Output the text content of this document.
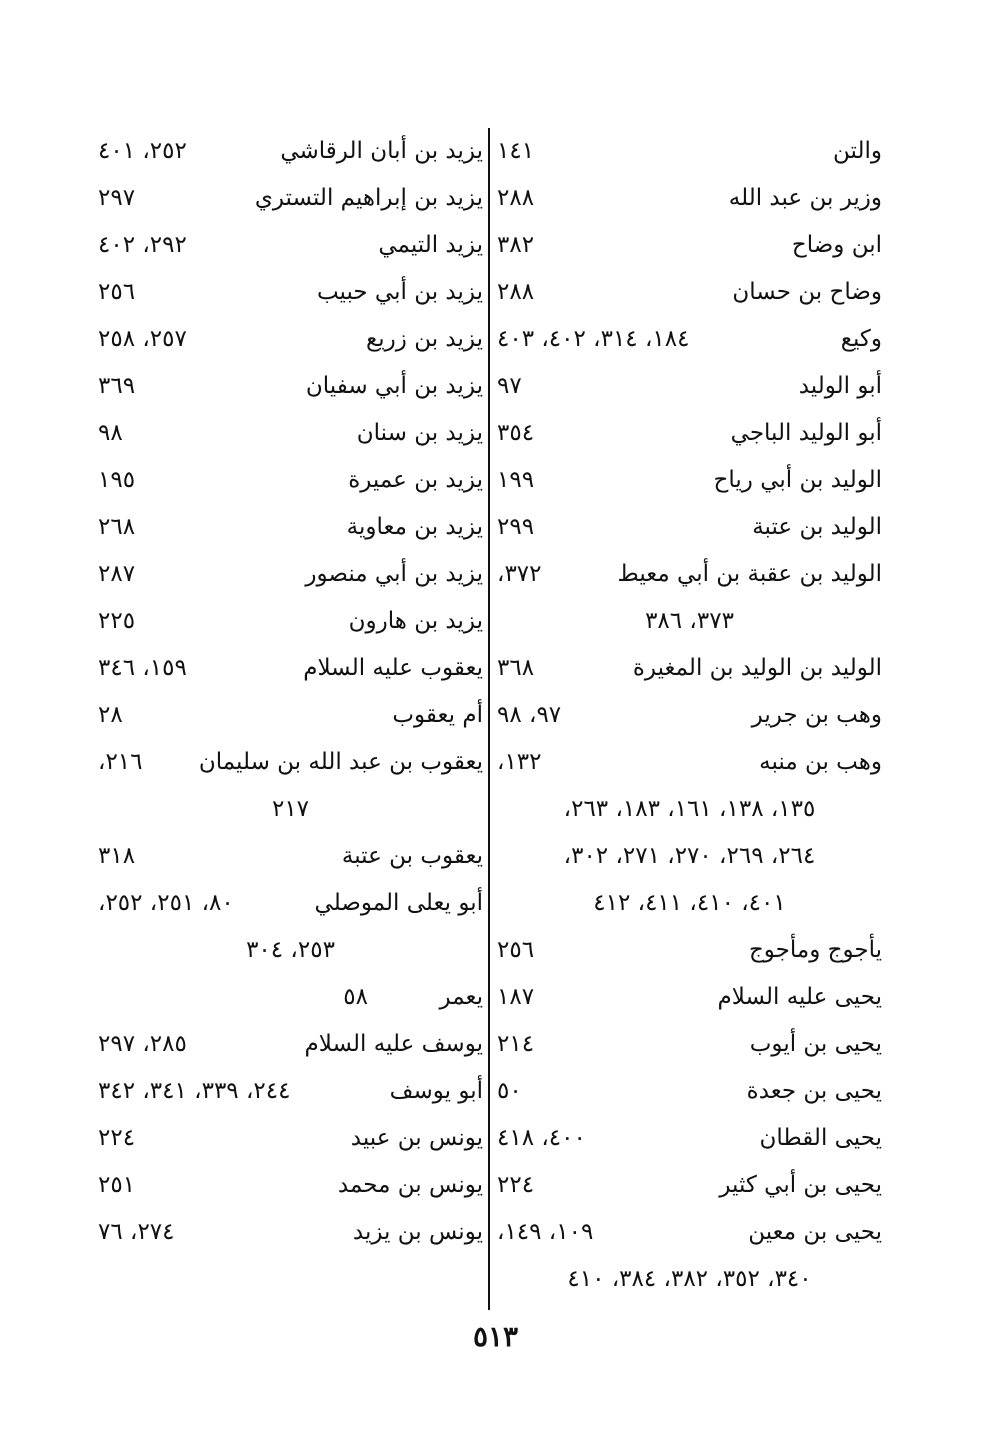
والتن
١٤١
وزير بن عبد الله
٢٨٨
ابن وضاح
٣٨٢
وضاح بن حسان
٢٨٨
وكيع
١٨٤، ٣١٤، ٤٠٢، ٤٠٣
أبو الوليد
٩٧
أبو الوليد الباجي
٣٥٤
الوليد بن أبي رياح
١٩٩
الوليد بن عتبة
٢٩٩
الوليد بن عقبة بن أبي معيط
٣٧٢،
٣٧٣، ٣٨٦
الوليد بن الوليد بن المغيرة
٣٦٨
وهب بن جرير
٩٧، ٩٨
وهب بن منبه
١٣٢،
١٣٥، ١٣٨، ١٦١، ١٨٣، ٢٦٣،
٢٦٤، ٢٦٩، ٢٧٠، ٢٧١، ٣٠٢،
٤٠١، ٤١٠، ٤١١، ٤١٢
يأجوج ومأجوج
٢٥٦
يحيى عليه السلام
١٨٧
يحيى بن أيوب
٢١٤
يحيى بن جعدة
٥٠
يحيى القطان
٤٠٠، ٤١٨
يحيى بن أبي كثير
٢٢٤
يحيى بن معين
١٠٩، ١٤٩،
٣٤٠، ٣٥٢، ٣٨٢، ٣٨٤، ٤١٠
يزيد بن أبان الرقاشي
٢٥٢، ٤٠١
يزيد بن إبراهيم التستري
٢٩٧
يزيد التيمي
٢٩٢، ٤٠٢
يزيد بن أبي حبيب
٢٥٦
يزيد بن زريع
٢٥٧، ٢٥٨
يزيد بن أبي سفيان
٣٦٩
يزيد بن سنان
٩٨
يزيد بن عميرة
١٩٥
يزيد بن معاوية
٢٦٨
يزيد بن أبي منصور
٢٨٧
يزيد بن هارون
٢٢٥
يعقوب عليه السلام
١٥٩، ٣٤٦
أم يعقوب
٢٨
يعقوب بن عبد الله بن سليمان
٢١٦،
٢١٧
يعقوب بن عتبة
٣١٨
أبو يعلى الموصلي
٨٠، ٢٥١، ٢٥٢،
٢٥٣، ٣٠٤
يعمر
٥٨
يوسف عليه السلام
٢٨٥، ٢٩٧
أبو يوسف
٢٤٤، ٣٣٩، ٣٤١، ٣٤٢
يونس بن عبيد
٢٢٤
يونس بن محمد
٢٥١
يونس بن يزيد
٢٧٤، ٧٦
٥١٣
